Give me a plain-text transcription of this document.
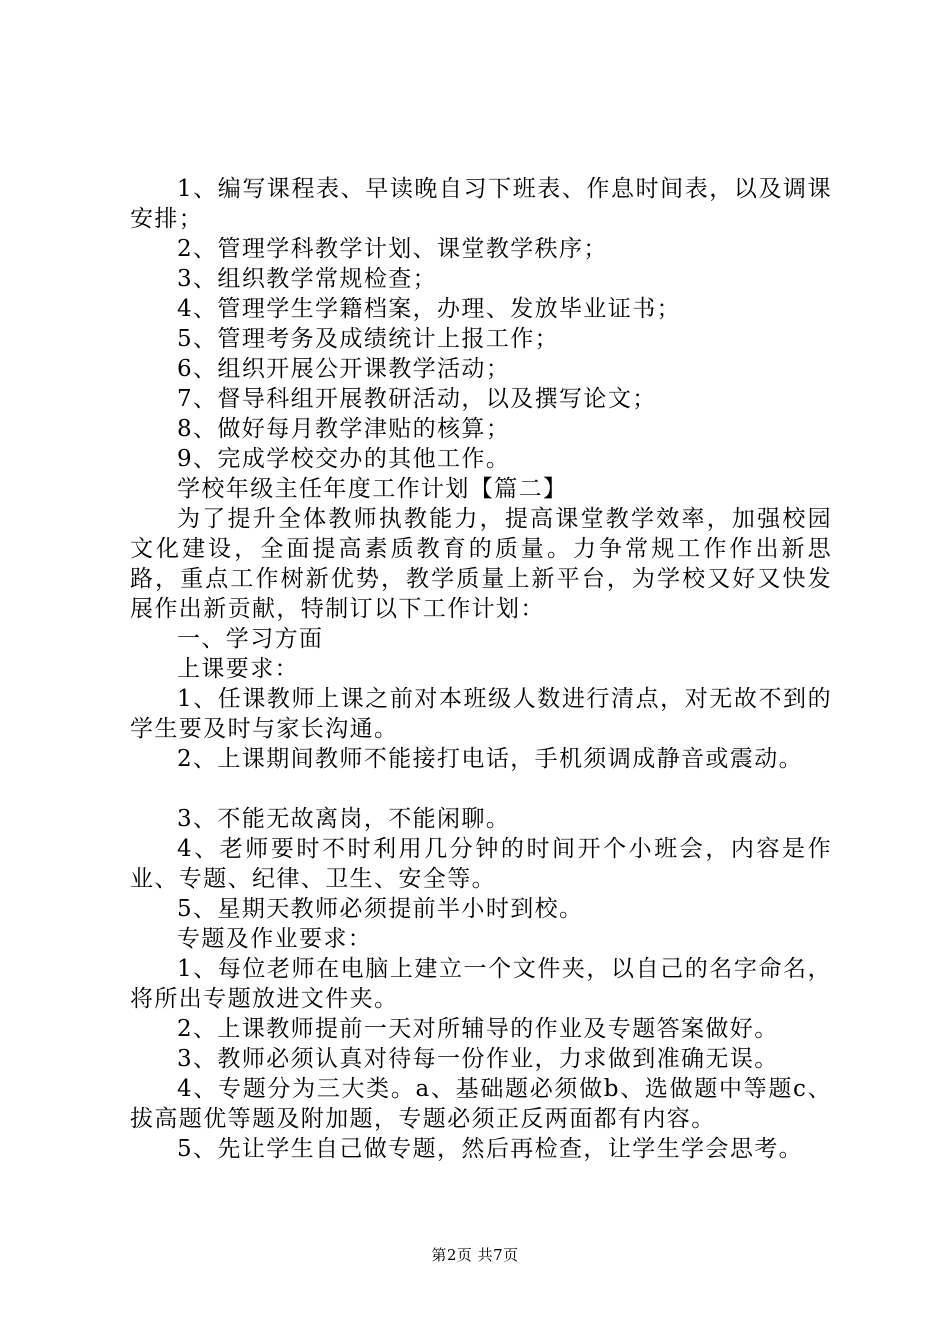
1、编写课程表、早读晚自习下班表、作息时间表，以及调课安排；

2、管理学科教学计划、课堂教学秩序；

3、组织教学常规检查；

4、管理学生学籍档案，办理、发放毕业证书；

5、管理考务及成绩统计上报工作；

6、组织开展公开课教学活动；

7、督导科组开展教研活动，以及撰写论文；

8、做好每月教学津贴的核算；

9、完成学校交办的其他工作。

学校年级主任年度工作计划【篇二】

为了提升全体教师执教能力，提高课堂教学效率，加强校园文化建设，全面提高素质教育的质量。力争常规工作作出新思路，重点工作树新优势，教学质量上新平台，为学校又好又快发展作出新贡献，特制订以下工作计划：

一、学习方面

上课要求：

1、任课教师上课之前对本班级人数进行清点，对无故不到的学生要及时与家长沟通。

2、上课期间教师不能接打电话，手机须调成静音或震动。

3、不能无故离岗，不能闲聊。

4、老师要时不时利用几分钟的时间开个小班会，内容是作业、专题、纪律、卫生、安全等。

5、星期天教师必须提前半小时到校。

专题及作业要求：

1、每位老师在电脑上建立一个文件夹，以自己的名字命名，将所出专题放进文件夹。

2、上课教师提前一天对所辅导的作业及专题答案做好。

3、教师必须认真对待每一份作业，力求做到准确无误。

4、专题分为三大类。a、基础题必须做b、选做题中等题c、拔高题优等题及附加题，专题必须正反两面都有内容。

5、先让学生自己做专题，然后再检查，让学生学会思考。

第2页 共7页
